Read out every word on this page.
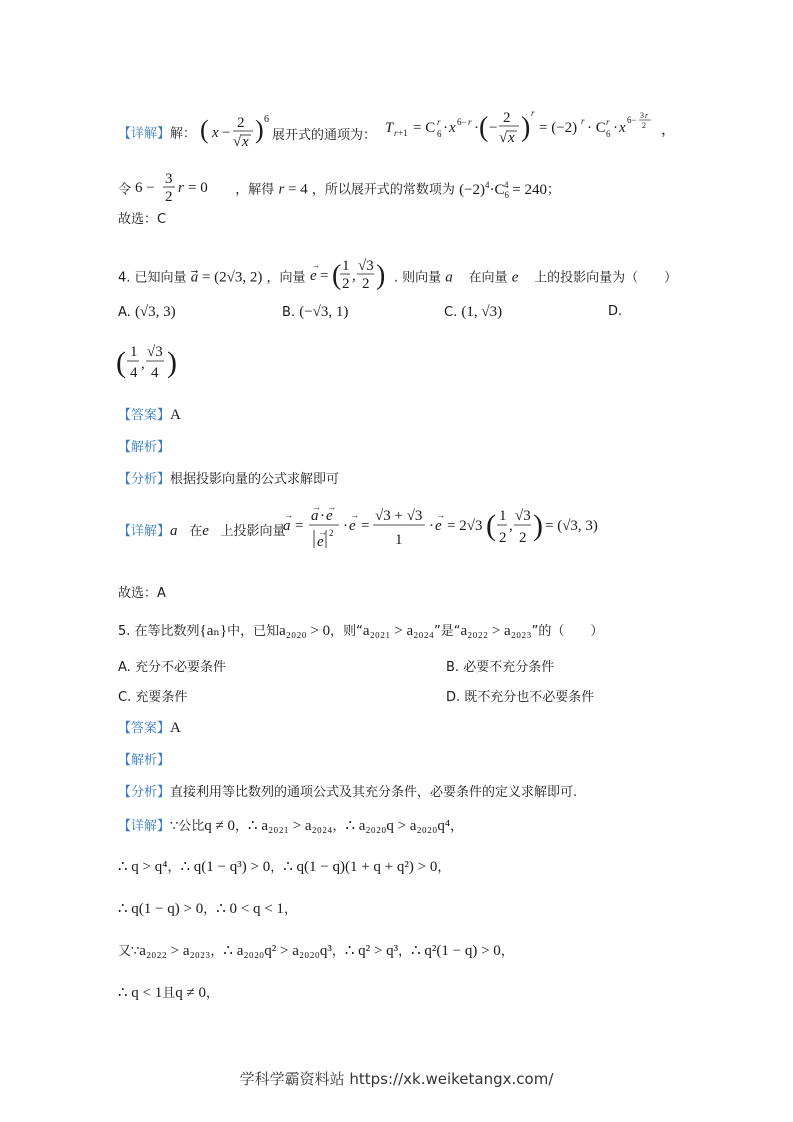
【详解】解： ( x −
2
√ x ) 6
展开式的通项为： T r +1 = C r
6 · x 6− r · ( −
2
√ x ) r
= (−2) r · C r
6 · x 6− 3 r
2 ，
令 6 −
3
2
r = 0 ，解得 r = 4 ，所以展开式的常数项为 $(-2)^4\cdot C_6^4 = 240$；
故选：C
4. 已知向量 a⃗ = (2√3, 2) ，向量 e
→
= ( 1
2 ,
√3
2 ) . 则向量 a⃗ 在向量 e⃗ 上的投影向量为（　　）
A. (√3, 3)	B. (−√3, 1)	C. (1, √3)	D.
( 1
4
,
√3
4 )
【答案】A
【解析】
【分析】根据投影向量的公式求解即可
【详解】a⃗在e⃗上投影向量
a
→
=
a
→
· e
→
e
→ 2 · e
→
=
√3 + √3
1
· e
→
= 2√3 ( 1
2
,
√3
2 ) = (√3, 3)
故选：A
5. 在等比数列{aₙ}中，已知a₂₀₂₀ > 0，则“a₂₀₂₁ > a₂₀₂₄”是“a₂₀₂₂ > a₂₀₂₃”的（　　）
A. 充分不必要条件	B. 必要不充分条件
C. 充要条件	D. 既不充分也不必要条件
【答案】A
【解析】
【分析】直接利用等比数列的通项公式及其充分条件，必要条件的定义求解即可.
【详解】∵公比q ≠ 0，∴ a₂₀₂₁ > a₂₀₂₄，∴ a₂₀₂₀q > a₂₀₂₀q⁴，
∴ q > q⁴，∴ q(1 − q³) > 0，∴ q(1 − q)(1 + q + q²) > 0，
∴ q(1 − q) > 0，∴ 0 < q < 1，
又∵a₂₀₂₂ > a₂₀₂₃，∴ a₂₀₂₀q² > a₂₀₂₀q³，∴ q² > q³，∴ q²(1 − q) > 0，
∴ q < 1且q ≠ 0，
学科学霸资料站 https://xk.weiketangx.com/
